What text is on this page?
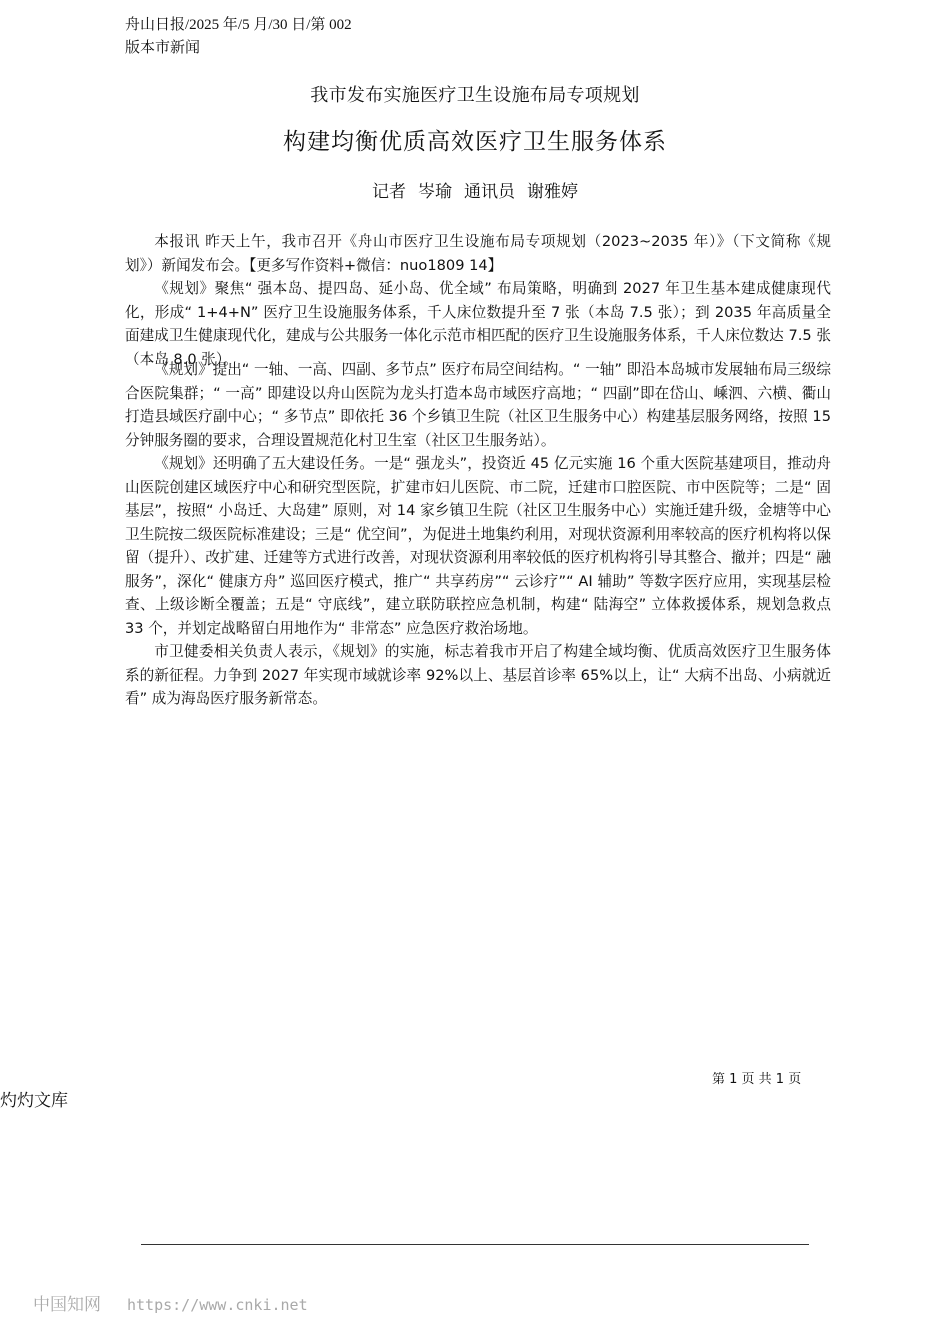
舟山日报/2025 年/5 月/30 日/第 002
版本市新闻
我市发布实施医疗卫生设施布局专项规划
构建均衡优质高效医疗卫生服务体系
记者 岑瑜 通讯员 谢雅婷

本报讯 昨天上午，我市召开《舟山市医疗卫生设施布局专项规划（2023~2035 年）》（下文简称《规划》）新闻发布会。【更多写作资料+微信：nuo1809 14】

《规划》聚焦“ 强本岛、提四岛、延小岛、优全域” 布局策略，明确到 2027 年卫生基本建成健康现代化，形成“ 1+4+N” 医疗卫生设施服务体系，千人床位数提升至 7 张（本岛 7.5 张）；到 2035 年高质量全面建成卫生健康现代化，建成与公共服务一体化示范市相匹配的医疗卫生设施服务体系，千人床位数达 7.5 张（本岛 8.0 张）。

《规划》提出“ 一轴、一高、四副、多节点” 医疗布局空间结构。“ 一轴” 即沿本岛城市发展轴布局三级综合医院集群；“ 一高” 即建设以舟山医院为龙头打造本岛市域医疗高地；“ 四副”即在岱山、嵊泗、六横、衢山打造县域医疗副中心；“ 多节点” 即依托 36 个乡镇卫生院（社区卫生服务中心）构建基层服务网络，按照 15 分钟服务圈的要求，合理设置规范化村卫生室（社区卫生服务站）。

《规划》还明确了五大建设任务。一是“ 强龙头”，投资近 45 亿元实施 16 个重大医院基建项目，推动舟山医院创建区域医疗中心和研究型医院，扩建市妇儿医院、市二院，迁建市口腔医院、市中医院等；二是“ 固基层”，按照“ 小岛迁、大岛建” 原则，对 14 家乡镇卫生院（社区卫生服务中心）实施迁建升级，金塘等中心卫生院按二级医院标准建设；三是“ 优空间”，为促进土地集约利用，对现状资源利用率较高的医疗机构将以保留（提升）、改扩建、迁建等方式进行改善，对现状资源利用率较低的医疗机构将引导其整合、撤并；四是“ 融服务”，深化“ 健康方舟” 巡回医疗模式，推广“ 共享药房”“ 云诊疗”“ AI 辅助” 等数字医疗应用，实现基层检查、上级诊断全覆盖；五是“ 守底线”，建立联防联控应急机制，构建“ 陆海空” 立体救援体系，规划急救点 33 个，并划定战略留白用地作为“ 非常态” 应急医疗救治场地。

市卫健委相关负责人表示，《规划》的实施，标志着我市开启了构建全域均衡、优质高效医疗卫生服务体系的新征程。力争到 2027 年实现市域就诊率 92%以上、基层首诊率 65%以上，让“ 大病不出岛、小病就近看” 成为海岛医疗服务新常态。

第 1 页 共 1 页
灼灼文库
中国知网 https://www.cnki.net
